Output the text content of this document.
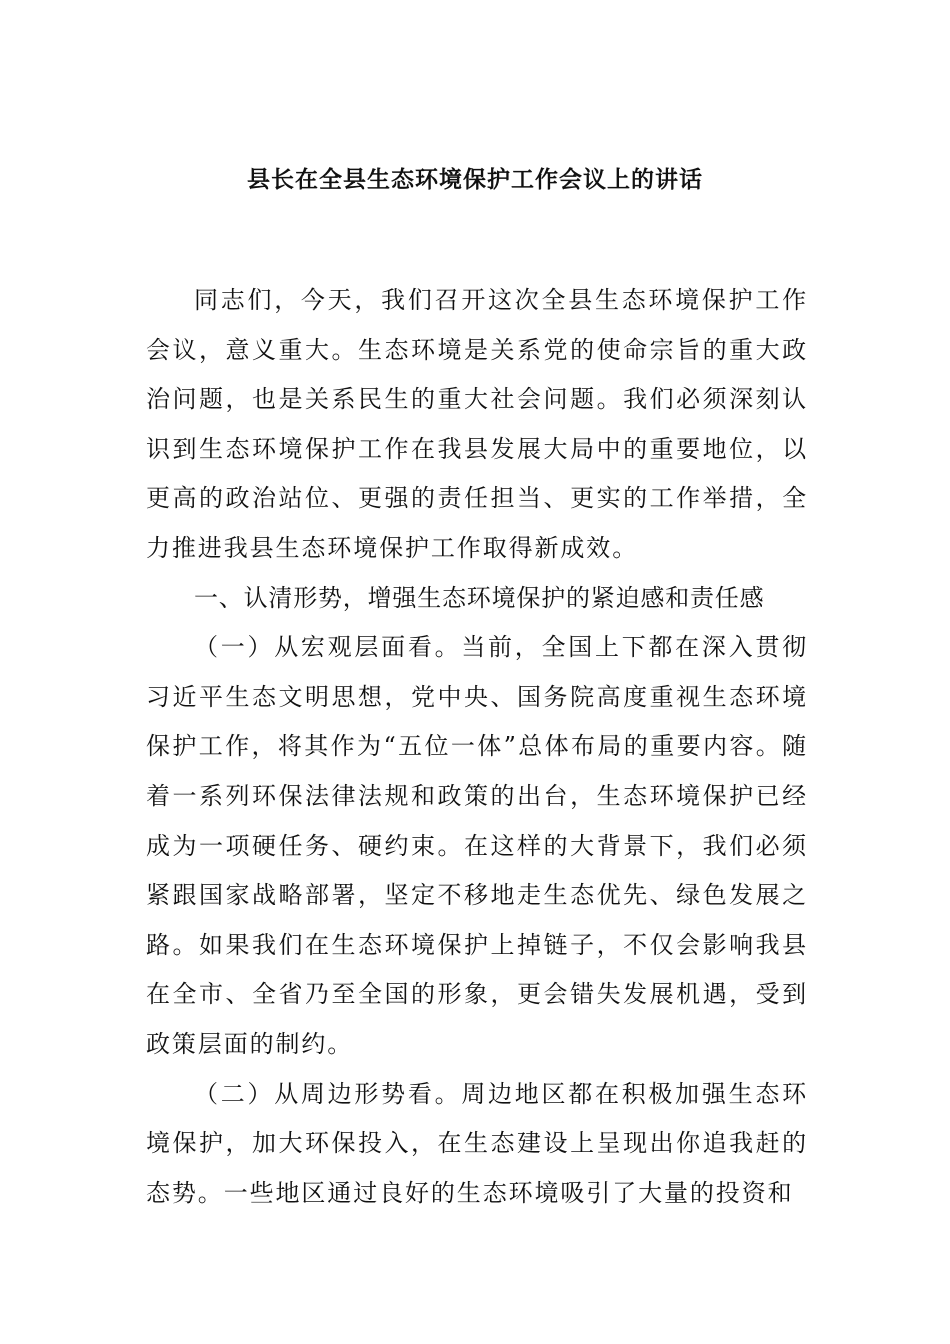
县长在全县生态环境保护工作会议上的讲话

同志们，今天，我们召开这次全县生态环境保护工作会议，意义重大。生态环境是关系党的使命宗旨的重大政治问题，也是关系民生的重大社会问题。我们必须深刻认识到生态环境保护工作在我县发展大局中的重要地位，以更高的政治站位、更强的责任担当、更实的工作举措，全力推进我县生态环境保护工作取得新成效。

一、认清形势，增强生态环境保护的紧迫感和责任感

（一）从宏观层面看。当前，全国上下都在深入贯彻习近平生态文明思想，党中央、国务院高度重视生态环境保护工作，将其作为“五位一体”总体布局的重要内容。随着一系列环保法律法规和政策的出台，生态环境保护已经成为一项硬任务、硬约束。在这样的大背景下，我们必须紧跟国家战略部署，坚定不移地走生态优先、绿色发展之路。如果我们在生态环境保护上掉链子，不仅会影响我县在全市、全省乃至全国的形象，更会错失发展机遇，受到政策层面的制约。

（二）从周边形势看。周边地区都在积极加强生态环境保护，加大环保投入，在生态建设上呈现出你追我赶的态势。一些地区通过良好的生态环境吸引了大量的投资和
